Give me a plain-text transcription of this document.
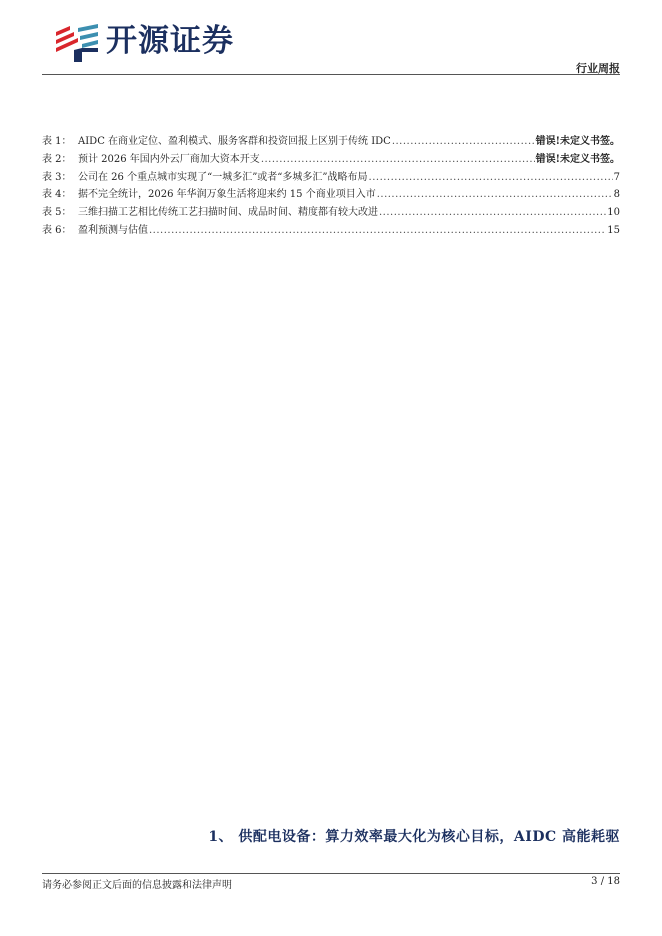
开源证券
行业周报
表 1： AIDC 在商业定位、盈利模式、服务客群和投资回报上区别于传统 IDC .....	错误!未定义书签。
表 2： 预计 2026 年国内外云厂商加大资本开支 .....	错误!未定义书签。
表 3： 公司在 26 个重点城市实现了“一城多汇”或者“多城多汇”战略布局 .....	7
表 4： 据不完全统计，2026 年华润万象生活将迎来约 15 个商业项目入市 .....	8
表 5： 三维扫描工艺相比传统工艺扫描时间、成品时间、精度都有较大改进 .....	10
表 6： 盈利预测与估值 .....	15
1、 供配电设备：算力效率最大化为核心目标，AIDC 高能耗驱
请务必参阅正文后面的信息披露和法律声明	3 / 18
